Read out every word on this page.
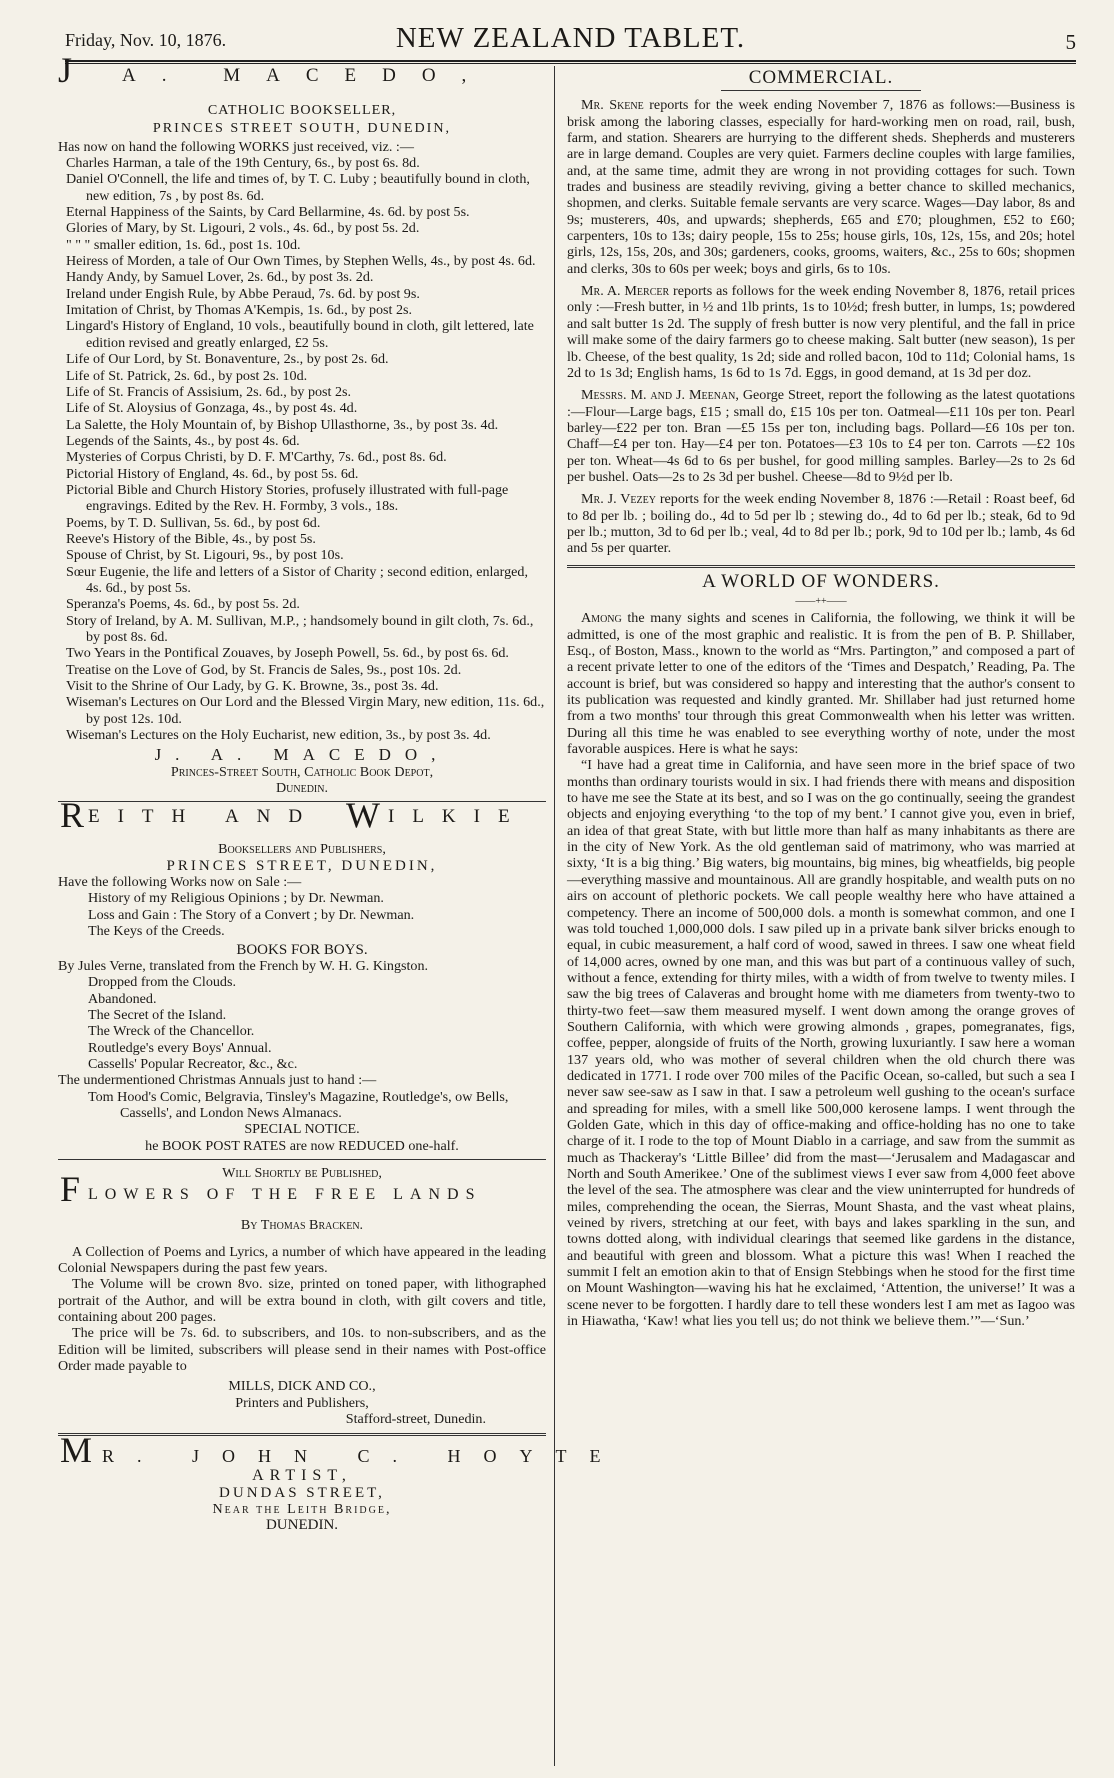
Friday, Nov. 10, 1876.	NEW ZEALAND TABLET.	5
J	A. MACEDO,
CATHOLIC BOOKSELLER,
PRINCES STREET SOUTH, DUNEDIN,
Has now on hand the following WORKS just received, viz. :—
Charles Harman, a tale of the 19th Century, 6s., by post 6s. 8d.
Daniel O'Connell, the life and times of, by T. C. Luby ; beautifully bound in cloth, new edition, 7s , by post 8s. 6d.
Eternal Happiness of the Saints, by Card Bellarmine, 4s. 6d. by post 5s.
Glories of Mary, by St. Ligouri, 2 vols., 4s. 6d., by post 5s. 2d.
" " " smaller edition, 1s. 6d., post 1s. 10d.
Heiress of Morden, a tale of Our Own Times, by Stephen Wells, 4s., by post 4s. 6d.
Handy Andy, by Samuel Lover, 2s. 6d., by post 3s. 2d.
Ireland under Engish Rule, by Abbe Peraud, 7s. 6d. by post 9s.
Imitation of Christ, by Thomas A'Kempis, 1s. 6d., by post 2s.
Lingard's History of England, 10 vols., beautifully bound in cloth, gilt lettered, late edition revised and greatly enlarged, £2 5s.
Life of Our Lord, by St. Bonaventure, 2s., by post 2s. 6d.
Life of St. Patrick, 2s. 6d., by post 2s. 10d.
Life of St. Francis of Assisium, 2s. 6d., by post 2s.
Life of St. Aloysius of Gonzaga, 4s., by post 4s. 4d.
La Salette, the Holy Mountain of, by Bishop Ullasthorne, 3s., by post 3s. 4d.
Legends of the Saints, 4s., by post 4s. 6d.
Mysteries of Corpus Christi, by D. F. M'Carthy, 7s. 6d., post 8s. 6d.
Pictorial History of England, 4s. 6d., by post 5s. 6d.
Pictorial Bible and Church History Stories, profusely illustrated with full-page engravings. Edited by the Rev. H. Formby, 3 vols., 18s.
Poems, by T. D. Sullivan, 5s. 6d., by post 6d.
Reeve's History of the Bible, 4s., by post 5s.
Spouse of Christ, by St. Ligouri, 9s., by post 10s.
Sœur Eugenie, the life and letters of a Sistor of Charity ; second edition, enlarged, 4s. 6d., by post 5s.
Speranza's Poems, 4s. 6d., by post 5s. 2d.
Story of Ireland, by A. M. Sullivan, M.P., ; handsomely bound in gilt cloth, 7s. 6d., by post 8s. 6d.
Two Years in the Pontifical Zouaves, by Joseph Powell, 5s. 6d., by post 6s. 6d.
Treatise on the Love of God, by St. Francis de Sales, 9s., post 10s. 2d.
Visit to the Shrine of Our Lady, by G. K. Browne, 3s., post 3s. 4d.
Wiseman's Lectures on Our Lord and the Blessed Virgin Mary, new edition, 11s. 6d., by post 12s. 10d.
Wiseman's Lectures on the Holy Eucharist, new edition, 3s., by post 3s. 4d.
J. A. MACEDO,
Princes-Street South, Catholic Book Depot,
Dunedin.
R EITH AND W ILKIE
Booksellers and Publishers,
PRINCES STREET, DUNEDIN,
Have the following Works now on Sale :—
History of my Religious Opinions ; by Dr. Newman.
Loss and Gain : The Story of a Convert ; by Dr. Newman.
The Keys of the Creeds.
BOOKS FOR BOYS.
By Jules Verne, translated from the French by W. H. G. Kingston.
Dropped from the Clouds.
Abandoned.
The Secret of the Island.
The Wreck of the Chancellor.
Routledge's every Boys' Annual.
Cassells' Popular Recreator, &c., &c.
The undermentioned Christmas Annuals just to hand :—
Tom Hood's Comic, Belgravia, Tinsley's Magazine, Routledge's, ow Bells, Cassells', and London News Almanacs.
SPECIAL NOTICE.
he BOOK POST RATES are now REDUCED one-half.
Will Shortly be Published,
F LOWERS OF THE FREE LANDS
By Thomas Bracken.
A Collection of Poems and Lyrics, a number of which have appeared in the leading Colonial Newspapers during the past few years.
The Volume will be crown 8vo. size, printed on toned paper, with lithographed portrait of the Author, and will be extra bound in cloth, with gilt covers and title, containing about 200 pages.
The price will be 7s. 6d. to subscribers, and 10s. to non-subscribers, and as the Edition will be limited, subscribers will please send in their names with Post-office Order made payable to
MILLS, DICK AND CO.,
Printers and Publishers,
Stafford-street, Dunedin.
M R. JOHN C. HOYTE
ARTIST,
DUNDAS STREET,
Near the Leith Bridge,
DUNEDIN.
COMMERCIAL.
Mr. Skene reports for the week ending November 7, 1876 as follows:—Business is brisk among the laboring classes, especially for hard-working men on road, rail, bush, farm, and station. Shearers are hurrying to the different sheds. Shepherds and musterers are in large demand. Couples are very quiet. Farmers decline couples with large families, and, at the same time, admit they are wrong in not providing cottages for such. Town trades and business are steadily reviving, giving a better chance to skilled mechanics, shopmen, and clerks. Suitable female servants are very scarce. Wages—Day labor, 8s and 9s; musterers, 40s, and upwards; shepherds, £65 and £70; ploughmen, £52 to £60; carpenters, 10s to 13s; dairy people, 15s to 25s; house girls, 10s, 12s, 15s, and 20s; hotel girls, 12s, 15s, 20s, and 30s; gardeners, cooks, grooms, waiters, &c., 25s to 60s; shopmen and clerks, 30s to 60s per week; boys and girls, 6s to 10s.
Mr. A. Mercer reports as follows for the week ending November 8, 1876, retail prices only :—Fresh butter, in ½ and 1lb prints, 1s to 10½d; fresh butter, in lumps, 1s; powdered and salt butter 1s 2d. The supply of fresh butter is now very plentiful, and the fall in price will make some of the dairy farmers go to cheese making. Salt butter (new season), 1s per lb. Cheese, of the best quality, 1s 2d; side and rolled bacon, 10d to 11d; Colonial hams, 1s 2d to 1s 3d; English hams, 1s 6d to 1s 7d. Eggs, in good demand, at 1s 3d per doz.
Messrs. M. and J. Meenan, George Street, report the following as the latest quotations :—Flour—Large bags, £15 ; small do, £15 10s per ton. Oatmeal—£11 10s per ton. Pearl barley—£22 per ton. Bran —£5 15s per ton, including bags. Pollard—£6 10s per ton. Chaff—£4 per ton. Hay—£4 per ton. Potatoes—£3 10s to £4 per ton. Carrots —£2 10s per ton. Wheat—4s 6d to 6s per bushel, for good milling samples. Barley—2s to 2s 6d per bushel. Oats—2s to 2s 3d per bushel. Cheese—8d to 9½d per lb.
Mr. J. Vezey reports for the week ending November 8, 1876 :—Retail : Roast beef, 6d to 8d per lb. ; boiling do., 4d to 5d per lb ; stewing do., 4d to 6d per lb.; steak, 6d to 9d per lb.; mutton, 3d to 6d per lb.; veal, 4d to 8d per lb.; pork, 9d to 10d per lb.; lamb, 4s 6d and 5s per quarter.
A WORLD OF WONDERS.
——++——
Among the many sights and scenes in California, the following, we think it will be admitted, is one of the most graphic and realistic. It is from the pen of B. P. Shillaber, Esq., of Boston, Mass., known to the world as “Mrs. Partington,” and composed a part of a recent private letter to one of the editors of the ‘Times and Despatch,’ Reading, Pa. The account is brief, but was considered so happy and interesting that the author's consent to its publication was requested and kindly granted. Mr. Shillaber had just returned home from a two months' tour through this great Commonwealth when his letter was written. During all this time he was enabled to see everything worthy of note, under the most favorable auspices. Here is what he says:
“I have had a great time in California, and have seen more in the brief space of two months than ordinary tourists would in six. I had friends there with means and disposition to have me see the State at its best, and so I was on the go continually, seeing the grandest objects and enjoying everything ‘to the top of my bent.’ I cannot give you, even in brief, an idea of that great State, with but little more than half as many inhabitants as there are in the city of New York. As the old gentleman said of matrimony, who was married at sixty, ‘It is a big thing.’ Big waters, big mountains, big mines, big wheatfields, big people—everything massive and mountainous. All are grandly hospitable, and wealth puts on no airs on account of plethoric pockets. We call people wealthy here who have attained a competency. There an income of 500,000 dols. a month is somewhat common, and one I was told touched 1,000,000 dols. I saw piled up in a private bank silver bricks enough to equal, in cubic measurement, a half cord of wood, sawed in threes. I saw one wheat field of 14,000 acres, owned by one man, and this was but part of a continuous valley of such, without a fence, extending for thirty miles, with a width of from twelve to twenty miles. I saw the big trees of Calaveras and brought home with me diameters from twenty-two to thirty-two feet—saw them measured myself. I went down among the orange groves of Southern California, with which were growing almonds , grapes, pomegranates, figs, coffee, pepper, alongside of fruits of the North, growing luxuriantly. I saw here a woman 137 years old, who was mother of several children when the old church there was dedicated in 1771. I rode over 700 miles of the Pacific Ocean, so-called, but such a sea I never saw see-saw as I saw in that. I saw a petroleum well gushing to the ocean's surface and spreading for miles, with a smell like 500,000 kerosene lamps. I went through the Golden Gate, which in this day of office-making and office-holding has no one to take charge of it. I rode to the top of Mount Diablo in a carriage, and saw from the summit as much as Thackeray's ‘Little Billee’ did from the mast—‘Jerusalem and Madagascar and North and South Amerikee.’ One of the sublimest views I ever saw from 4,000 feet above the level of the sea. The atmosphere was clear and the view uninterrupted for hundreds of miles, comprehending the ocean, the Sierras, Mount Shasta, and the vast wheat plains, veined by rivers, stretching at our feet, with bays and lakes sparkling in the sun, and towns dotted along, with individual clearings that seemed like gardens in the distance, and beautiful with green and blossom. What a picture this was! When I reached the summit I felt an emotion akin to that of Ensign Stebbings when he stood for the first time on Mount Washington—waving his hat he exclaimed, ‘Attention, the universe!’ It was a scene never to be forgotten. I hardly dare to tell these wonders lest I am met as Iagoo was in Hiawatha, ‘Kaw! what lies you tell us; do not think we believe them.’”—‘Sun.’
